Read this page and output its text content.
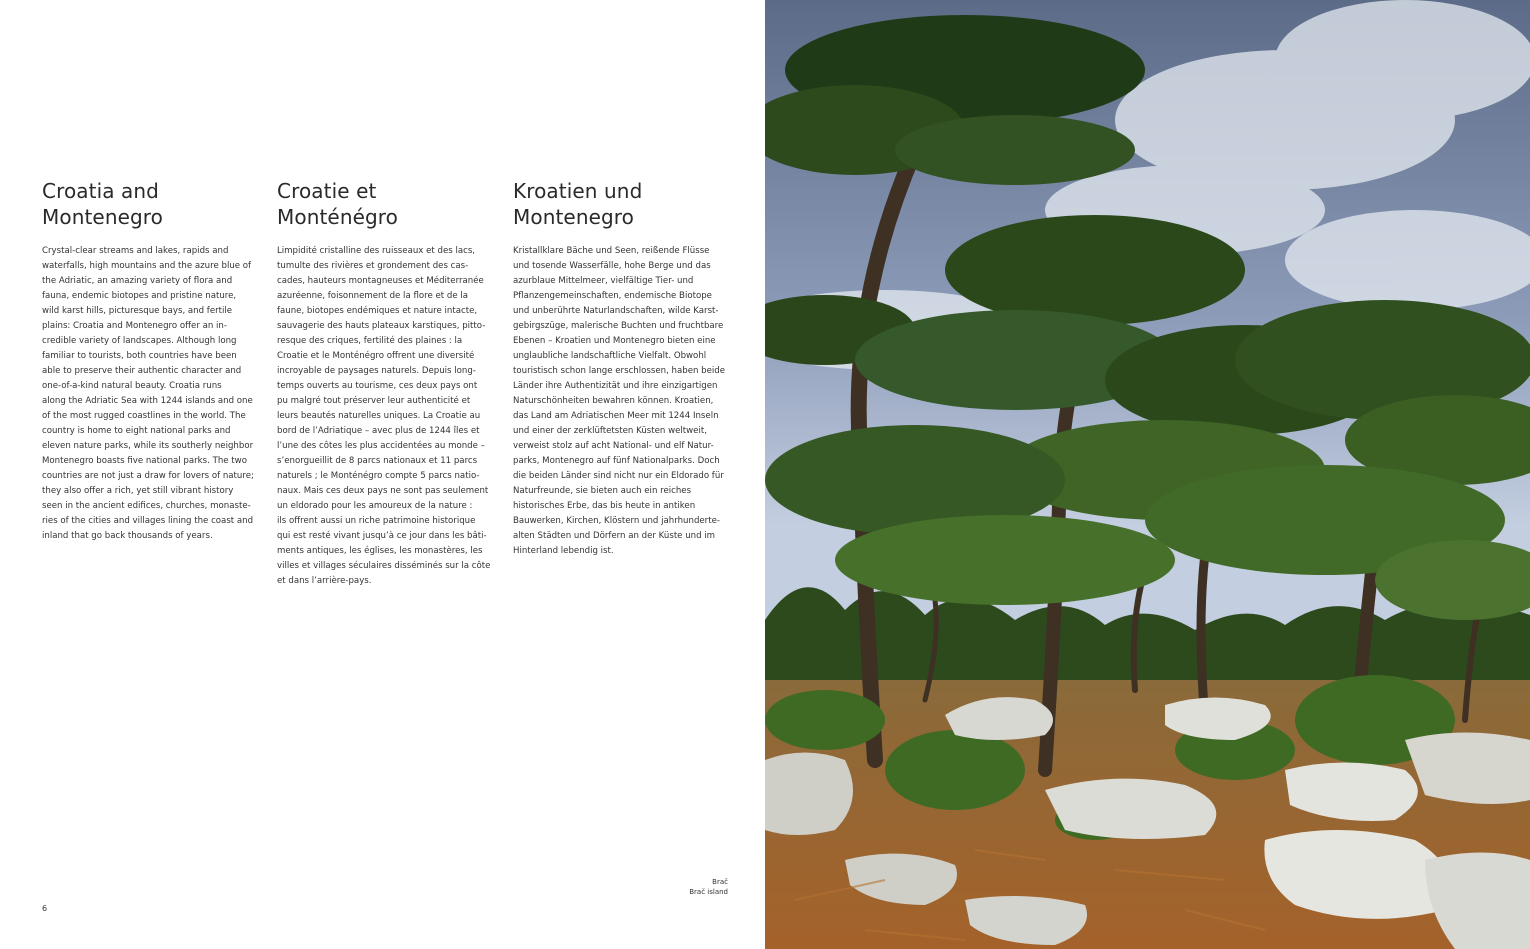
Croatia and
Montenegro

Crystal-clear streams and lakes, rapids and
waterfalls, high mountains and the azure blue of
the Adriatic, an amazing variety of flora and
fauna, endemic biotopes and pristine nature,
wild karst hills, picturesque bays, and fertile
plains: Croatia and Montenegro offer an in-
credible variety of landscapes. Although long
familiar to tourists, both countries have been
able to preserve their authentic character and
one-of-a-kind natural beauty. Croatia runs
along the Adriatic Sea with 1244 islands and one
of the most rugged coastlines in the world. The
country is home to eight national parks and
eleven nature parks, while its southerly neighbor
Montenegro boasts five national parks. The two
countries are not just a draw for lovers of nature;
they also offer a rich, yet still vibrant history
seen in the ancient edifices, churches, monaste-
ries of the cities and villages lining the coast and
inland that go back thousands of years.

Croatie et
Monténégro

Limpidité cristalline des ruisseaux et des lacs,
tumulte des rivières et grondement des cas-
cades, hauteurs montagneuses et Méditerranée
azuréenne, foisonnement de la flore et de la
faune, biotopes endémiques et nature intacte,
sauvagerie des hauts plateaux karstiques, pitto-
resque des criques, fertilité des plaines : la
Croatie et le Monténégro offrent une diversité
incroyable de paysages naturels. Depuis long-
temps ouverts au tourisme, ces deux pays ont
pu malgré tout préserver leur authenticité et
leurs beautés naturelles uniques. La Croatie au
bord de l’Adriatique – avec plus de 1244 îles et
l’une des côtes les plus accidentées au monde –
s’enorgueillit de 8 parcs nationaux et 11 parcs
naturels ; le Monténégro compte 5 parcs natio-
naux. Mais ces deux pays ne sont pas seulement
un eldorado pour les amoureux de la nature :
ils offrent aussi un riche patrimoine historique
qui est resté vivant jusqu’à ce jour dans les bâti-
ments antiques, les églises, les monastères, les
villes et villages séculaires disséminés sur la côte
et dans l’arrière-pays.

Kroatien und
Montenegro

Kristallklare Bäche und Seen, reißende Flüsse
und tosende Wasserfälle, hohe Berge und das
azurblaue Mittelmeer, vielfältige Tier- und
Pflanzengemeinschaften, endemische Biotope
und unberührte Naturlandschaften, wilde Karst-
gebirgszüge, malerische Buchten und fruchtbare
Ebenen – Kroatien und Montenegro bieten eine
unglaubliche landschaftliche Vielfalt. Obwohl
touristisch schon lange erschlossen, haben beide
Länder ihre Authentizität und ihre einzigartigen
Naturschönheiten bewahren können. Kroatien,
das Land am Adriatischen Meer mit 1244 Inseln
und einer der zerklüftetsten Küsten weltweit,
verweist stolz auf acht National- und elf Natur-
parks, Montenegro auf fünf Nationalparks. Doch
die beiden Länder sind nicht nur ein Eldorado für
Naturfreunde, sie bieten auch ein reiches
historisches Erbe, das bis heute in antiken
Bauwerken, Kirchen, Klöstern und jahrhunderte-
alten Städten und Dörfern an der Küste und im
Hinterland lebendig ist.

Brač
Brač island
6
